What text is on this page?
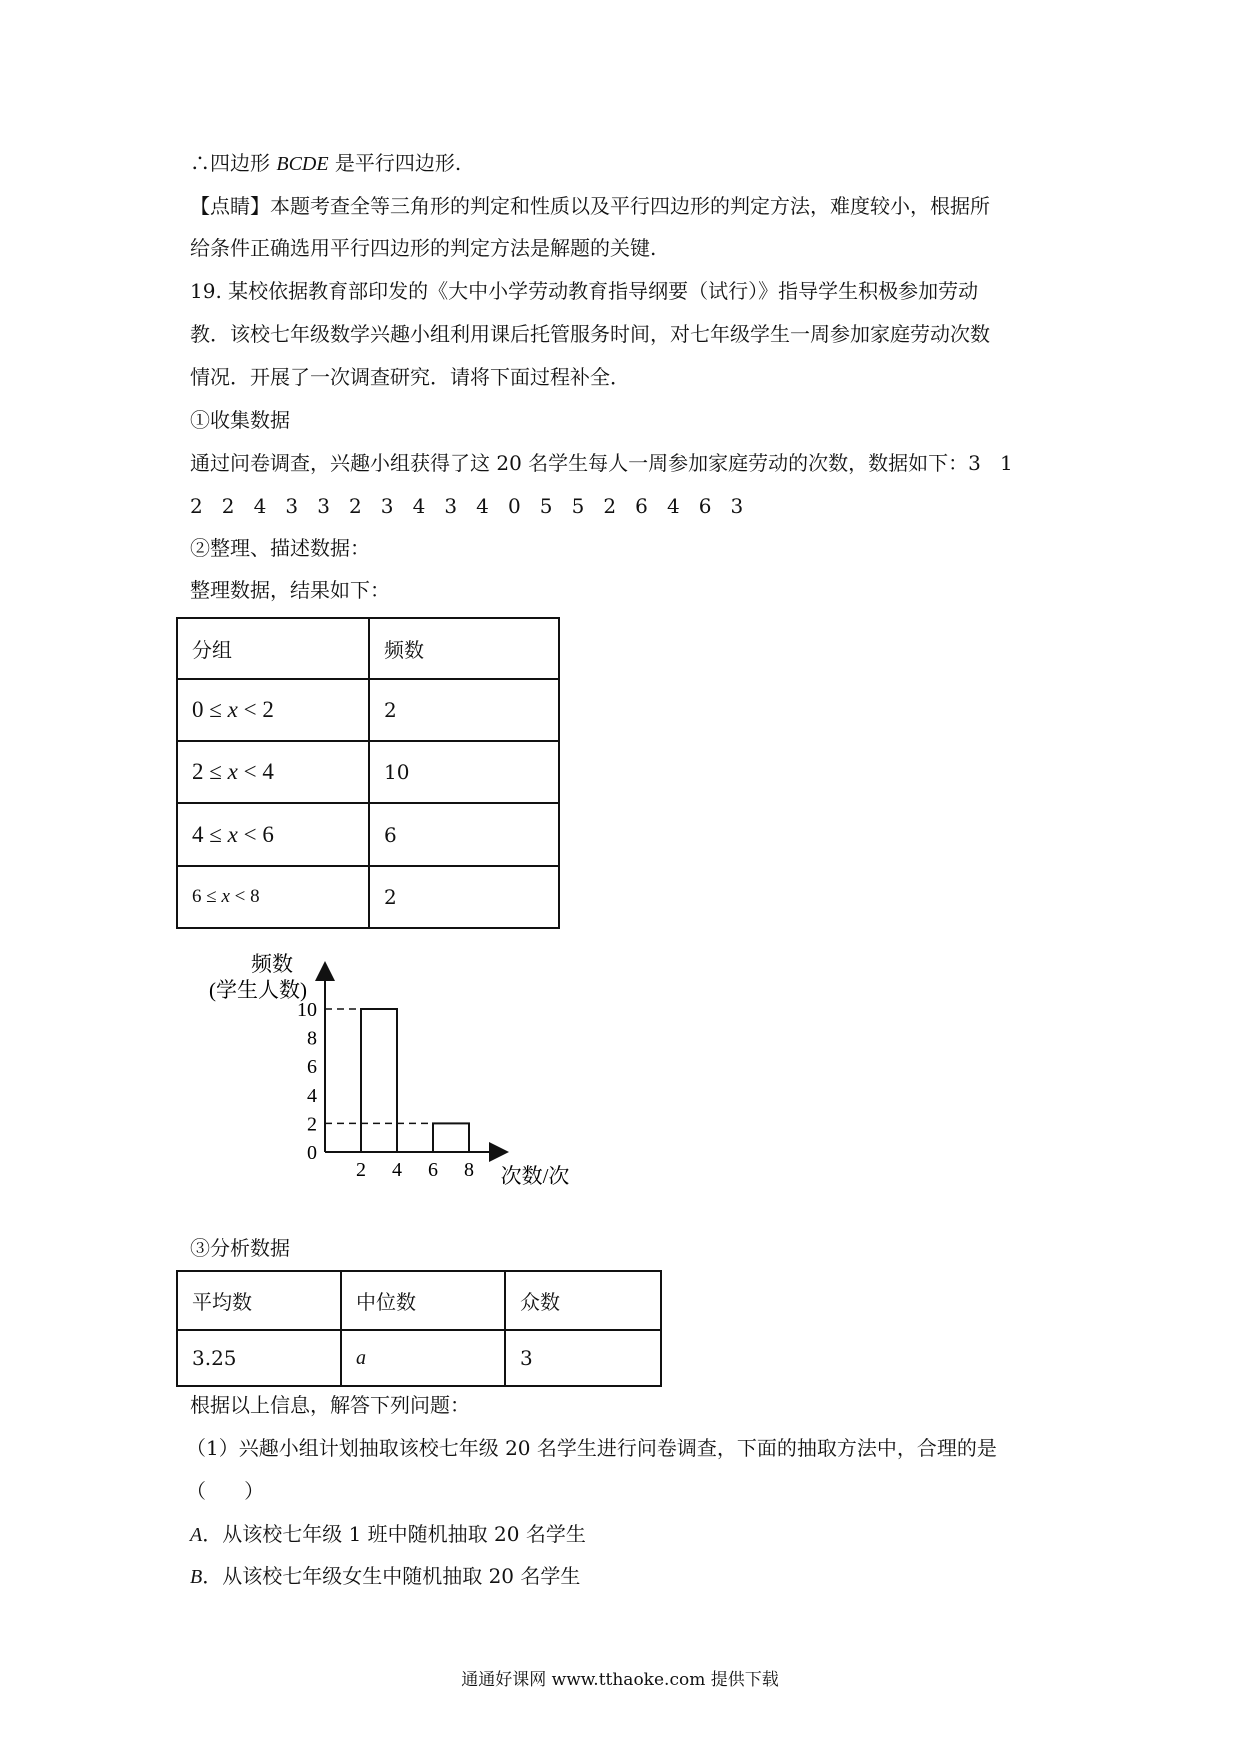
∴四边形 BCDE 是平行四边形.
【点睛】本题考查全等三角形的判定和性质以及平行四边形的判定方法，难度较小，根据所
给条件正确选用平行四边形的判定方法是解题的关键.
19. 某校依据教育部印发的《大中小学劳动教育指导纲要（试行）》指导学生积极参加劳动
教．该校七年级数学兴趣小组利用课后托管服务时间，对七年级学生一周参加家庭劳动次数
情况．开展了一次调查研究．请将下面过程补全．
①收集数据
通过问卷调查，兴趣小组获得了这 20 名学生每人一周参加家庭劳动的次数，数据如下：3   1
2   2   4   3   3   2   3   4   3   4   0   5   5   2   6   4   6   3
②整理、描述数据：
整理数据，结果如下：
分组	频数
0 ≤ x < 2	2
2 ≤ x < 4	10
4 ≤ x < 6	6
6 ≤ x < 8	2
频数
(学生人数)
2 4 6 8
0
2
4
6
8
10
次数/次
③分析数据
平均数	中位数	众数
3.25	a	3
根据以上信息，解答下列问题：
（1）兴趣小组计划抽取该校七年级 20 名学生进行问卷调查，下面的抽取方法中，合理的是
（      ）
A．从该校七年级 1 班中随机抽取 20 名学生
B．从该校七年级女生中随机抽取 20 名学生
通通好课网 www.tthaoke.com 提供下载
